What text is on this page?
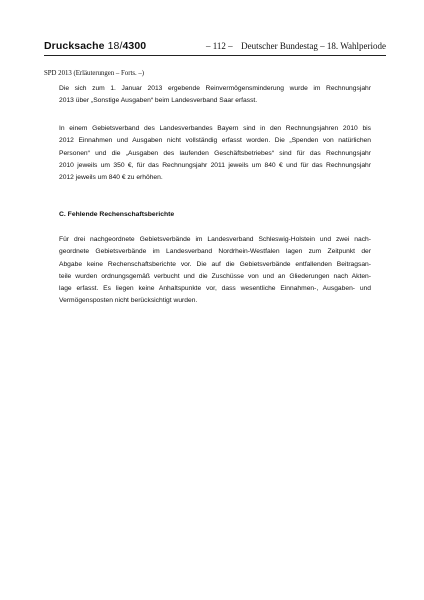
Drucksache 18/4300	– 112 – Deutscher Bundestag – 18. Wahlperiode
SPD 2013 (Erläuterungen – Forts. –)
Die sich zum 1. Januar 2013 ergebende Reinvermögensminderung wurde im Rechnungsjahr
2013 über „Sonstige Ausgaben“ beim Landesverband Saar erfasst.
In einem Gebietsverband des Landesverbandes Bayern sind in den Rechnungsjahren 2010 bis
2012 Einnahmen und Ausgaben nicht vollständig erfasst worden. Die „Spenden von natürlichen
Personen“ und die „Ausgaben des laufenden Geschäftsbetriebes“ sind für das Rechnungsjahr
2010 jeweils um 350 €, für das Rechnungsjahr 2011 jeweils um 840 € und für das Rechnungsjahr
2012 jeweils um 840 € zu erhöhen.
C. Fehlende Rechenschaftsberichte
Für drei nachgeordnete Gebietsverbände im Landesverband Schleswig-Holstein und zwei nach-
geordnete Gebietsverbände im Landesverband Nordrhein-Westfalen lagen zum Zeitpunkt der
Abgabe keine Rechenschaftsberichte vor. Die auf die Gebietsverbände entfallenden Beitragsan-
teile wurden ordnungsgemäß verbucht und die Zuschüsse von und an Gliederungen nach Akten-
lage erfasst. Es liegen keine Anhaltspunkte vor, dass wesentliche Einnahmen-, Ausgaben- und
Vermögensposten nicht berücksichtigt wurden.
